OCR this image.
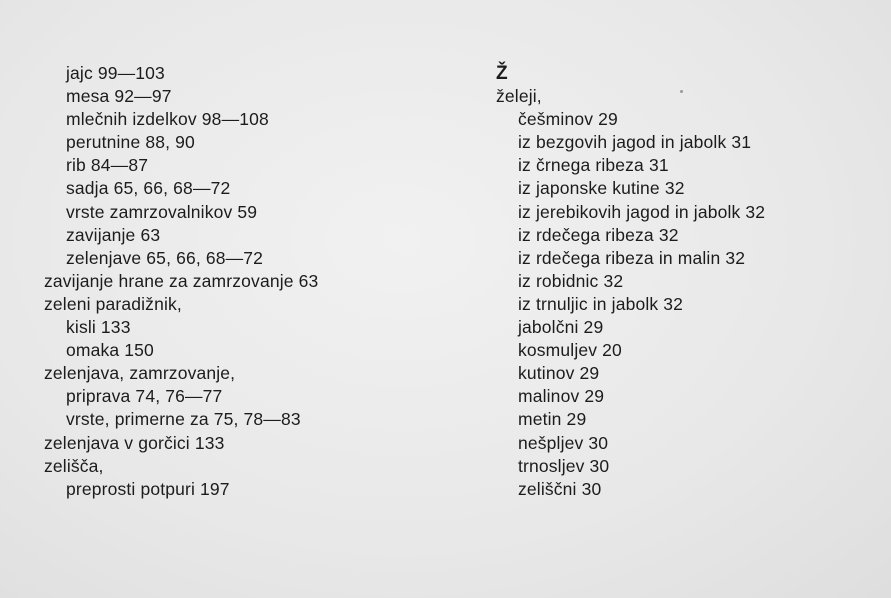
jajc 99—103
mesa 92—97
mlečnih izdelkov 98—108
perutnine 88, 90
rib 84—87
sadja 65, 66, 68—72
vrste zamrzovalnikov 59
zavijanje 63
zelenjave 65, 66, 68—72
zavijanje hrane za zamrzovanje 63
zeleni paradižnik,
kisli 133
omaka 150
zelenjava, zamrzovanje,
priprava 74, 76—77
vrste, primerne za 75, 78—83
zelenjava v gorčici 133
zelišča,
preprosti potpuri 197
Ž
želeji,
češminov 29
iz bezgovih jagod in jabolk 31
iz črnega ribeza 31
iz japonske kutine 32
iz jerebikovih jagod in jabolk 32
iz rdečega ribeza 32
iz rdečega ribeza in malin 32
iz robidnic 32
iz trnuljic in jabolk 32
jabolčni 29
kosmuljev 20
kutinov 29
malinov 29
metin 29
nešpljev 30
trnosljev 30
zeliščni 30
